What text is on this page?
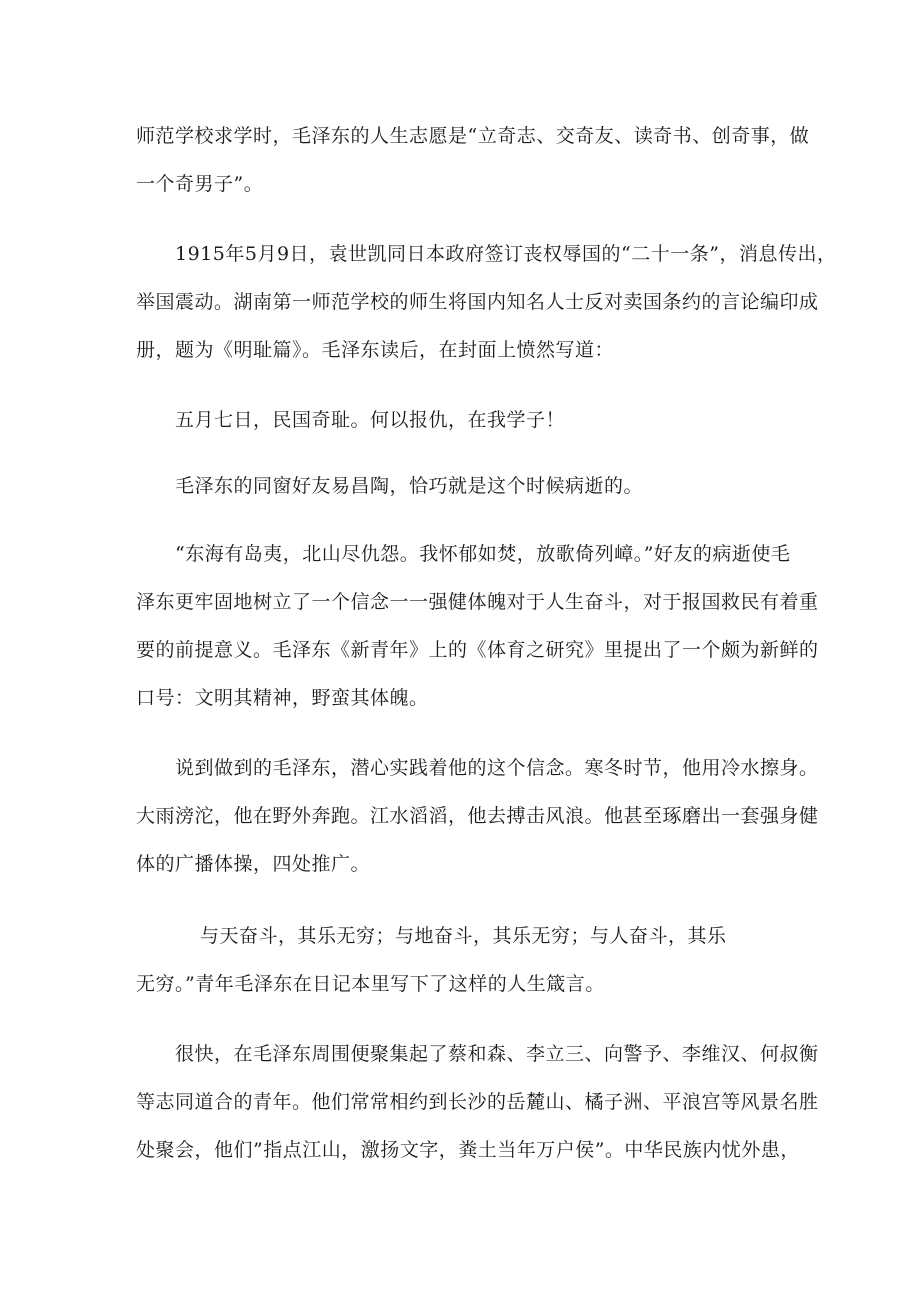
师范学校求学时，毛泽东的人生志愿是“立奇志、交奇友、读奇书、创奇事，做

一个奇男子”。

1915年5月9日，袁世凯同日本政府签订丧权辱国的“二十一条”，消息传出，

举国震动。湖南第一师范学校的师生将国内知名人士反对卖国条约的言论编印成

册，题为《明耻篇》。毛泽东读后，在封面上愤然写道：

五月七日，民国奇耻。何以报仇，在我学子！

毛泽东的同窗好友易昌陶，恰巧就是这个时候病逝的。

“东海有岛夷，北山尽仇怨。我怀郁如焚，放歌倚列嶂。”好友的病逝使毛

泽东更牢固地树立了一个信念一一强健体魄对于人生奋斗，对于报国救民有着重

要的前提意义。毛泽东《新青年》上的《体育之研究》里提出了一个颇为新鲜的

口号：文明其精神，野蛮其体魄。

说到做到的毛泽东，潜心实践着他的这个信念。寒冬时节，他用冷水擦身。

大雨滂沱，他在野外奔跑。江水滔滔，他去搏击风浪。他甚至琢磨出一套强身健

体的广播体操，四处推广。

与天奋斗，其乐无穷；与地奋斗，其乐无穷；与人奋斗，其乐

无穷。”青年毛泽东在日记本里写下了这样的人生箴言。

很快，在毛泽东周围便聚集起了蔡和森、李立三、向警予、李维汉、何叔衡

等志同道合的青年。他们常常相约到长沙的岳麓山、橘子洲、平浪宫等风景名胜

处聚会，他们”指点江山，激扬文字，粪土当年万户侯”。中华民族内忧外患，
